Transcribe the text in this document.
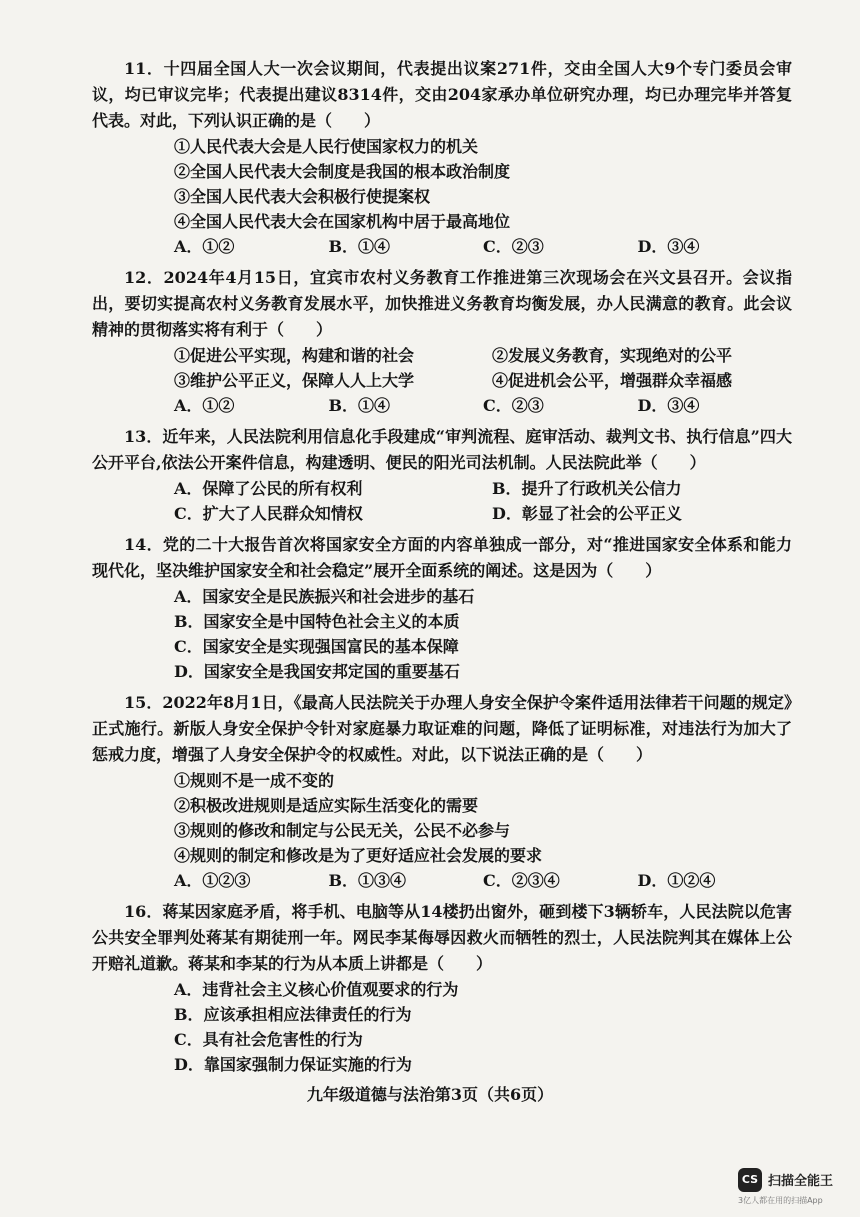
11．十四届全国人大一次会议期间，代表提出议案271件，交由全国人大9个专门委员会审议，均已审议完毕；代表提出建议8314件，交由204家承办单位研究办理，均已办理完毕并答复代表。对此，下列认识正确的是（　　）

①人民代表大会是人民行使国家权力的机关
②全国人民代表大会制度是我国的根本政治制度
③全国人民代表大会积极行使提案权
④全国人民代表大会在国家机构中居于最高地位
A．①②	B．①④	C．②③	D．③④

12．2024年4月15日，宜宾市农村义务教育工作推进第三次现场会在兴文县召开。会议指出，要切实提高农村义务教育发展水平，加快推进义务教育均衡发展，办人民满意的教育。此会议精神的贯彻落实将有利于（　　）

①促进公平实现，构建和谐的社会	②发展义务教育，实现绝对的公平
③维护公平正义，保障人人上大学	④促进机会公平，增强群众幸福感
A．①②	B．①④	C．②③	D．③④

13．近年来，人民法院利用信息化手段建成“审判流程、庭审活动、裁判文书、执行信息”四大公开平台,依法公开案件信息，构建透明、便民的阳光司法机制。人民法院此举（　　）

A．保障了公民的所有权利	B．提升了行政机关公信力
C．扩大了人民群众知情权	D．彰显了社会的公平正义

14．党的二十大报告首次将国家安全方面的内容单独成一部分，对“推进国家安全体系和能力现代化，坚决维护国家安全和社会稳定”展开全面系统的阐述。这是因为（　　）

A．国家安全是民族振兴和社会进步的基石
B．国家安全是中国特色社会主义的本质
C．国家安全是实现强国富民的基本保障
D．国家安全是我国安邦定国的重要基石

15．2022年8月1日，《最高人民法院关于办理人身安全保护令案件适用法律若干问题的规定》正式施行。新版人身安全保护令针对家庭暴力取证难的问题，降低了证明标准，对违法行为加大了惩戒力度，增强了人身安全保护令的权威性。对此，以下说法正确的是（　　）

①规则不是一成不变的
②积极改进规则是适应实际生活变化的需要
③规则的修改和制定与公民无关，公民不必参与
④规则的制定和修改是为了更好适应社会发展的要求
A．①②③	B．①③④	C．②③④	D．①②④

16．蒋某因家庭矛盾，将手机、电脑等从14楼扔出窗外，砸到楼下3辆轿车，人民法院以危害公共安全罪判处蒋某有期徒刑一年。网民李某侮辱因救火而牺牲的烈士，人民法院判其在媒体上公开赔礼道歉。蒋某和李某的行为从本质上讲都是（　　）

A．违背社会主义核心价值观要求的行为
B．应该承担相应法律责任的行为
C．具有社会危害性的行为
D．靠国家强制力保证实施的行为
九年级道德与法治第3页（共6页）
CS 扫描全能王
3亿人都在用的扫描App
